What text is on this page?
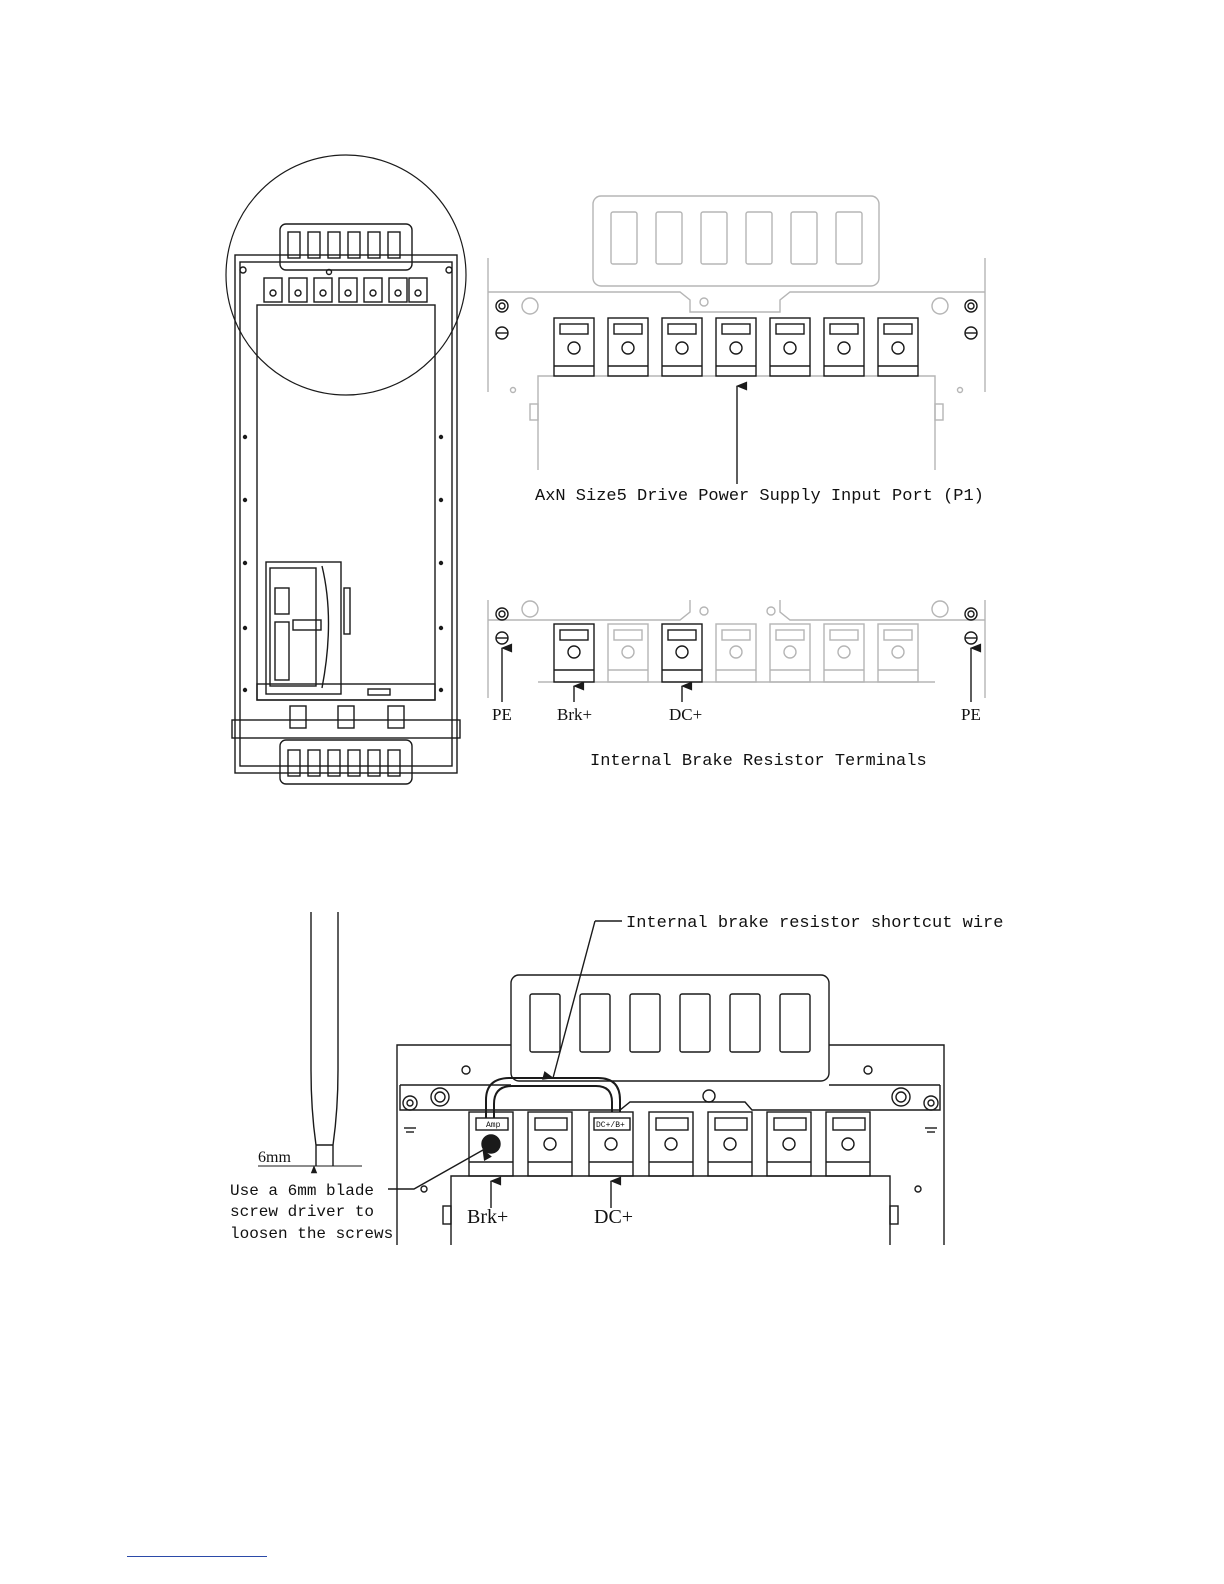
AxN Size5 Drive Power Supply Input Port (P1)
PE	Brk+	DC+	PE
Internal Brake Resistor Terminals
6mm
Use a 6mm blade
screw driver to
loosen the screws
Amp	DC+/B+
Internal brake resistor shortcut wire
Brk+	DC+
